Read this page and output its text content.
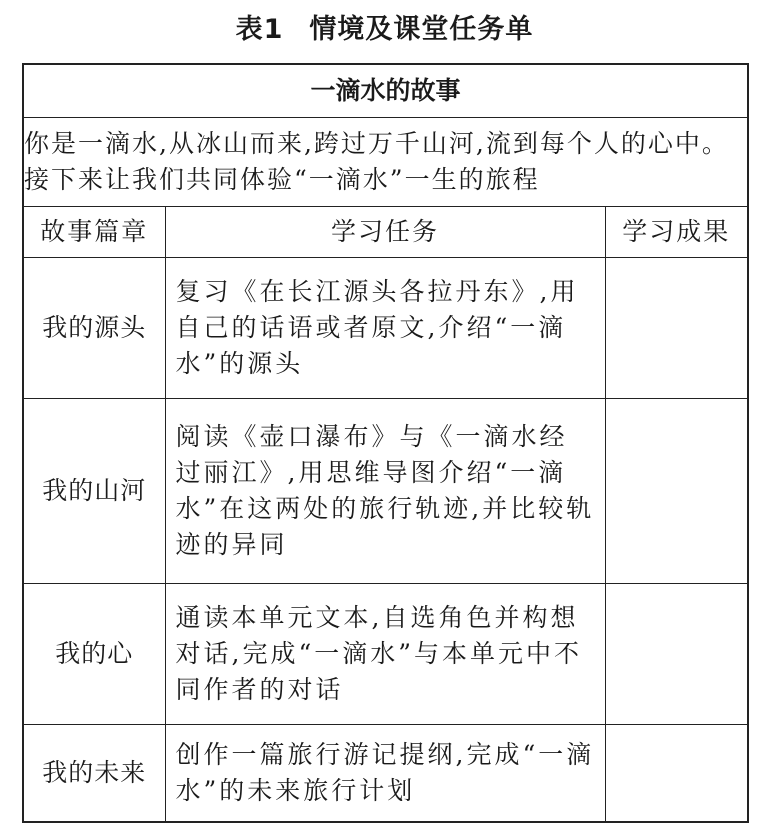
表1 情境及课堂任务单
一滴水的故事		
你是一滴水,从冰山而来,跨过万千山河,流到每个人的心中。接下来让我们共同体验“一滴水”一生的旅程		
故事篇章	学习任务	学习成果
我的源头	复习《在长江源头各拉丹东》,用自己的话语或者原文,介绍“一滴水”的源头	
我的山河	阅读《壶口瀑布》与《一滴水经过丽江》,用思维导图介绍“一滴水”在这两处的旅行轨迹,并比较轨迹的异同	
我的心	通读本单元文本,自选角色并构想对话,完成“一滴水”与本单元中不同作者的对话	
我的未来	创作一篇旅行游记提纲,完成“一滴水”的未来旅行计划	
